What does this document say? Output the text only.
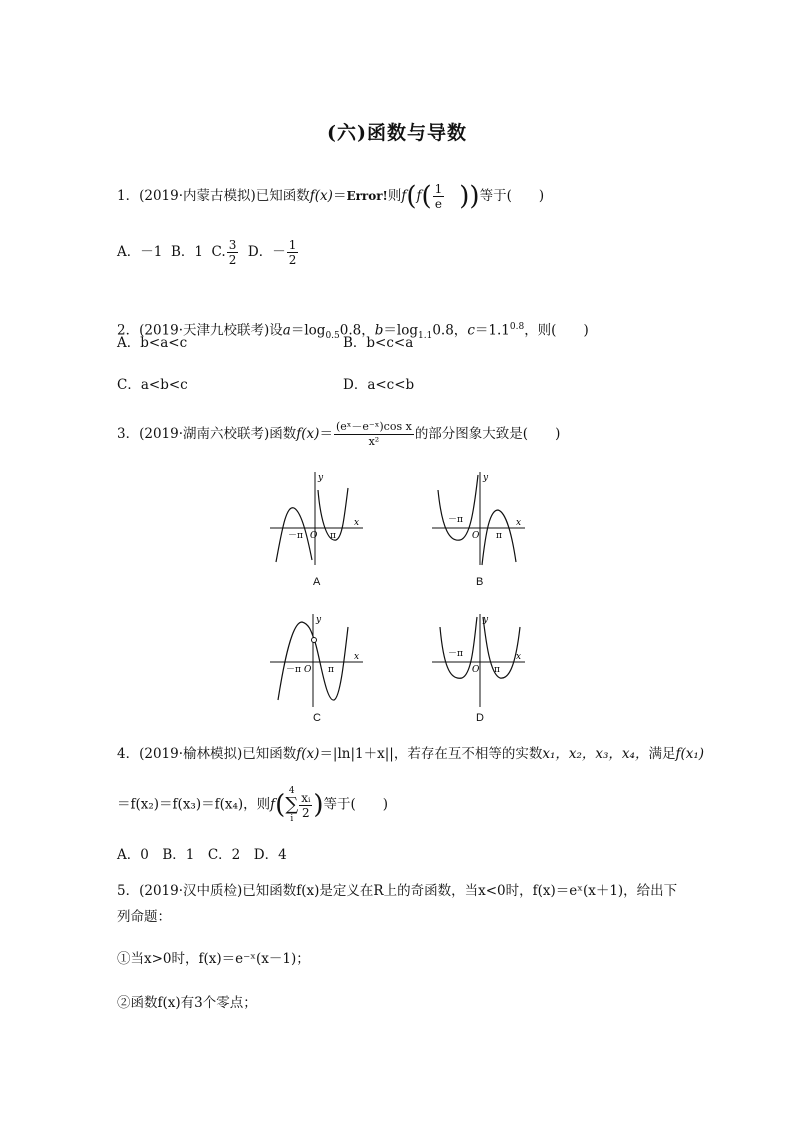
(六)函数与导数
1．(2019·内蒙古模拟)已知函数f(x)＝Error!则$f(f( \frac{1}{e}$ ))等于(　　)
A．－1 B．1 C. $\frac{3}{2}$ D．－ $\frac{1}{2}$
2．(2019·天津九校联考)设$a=\log_{0.5}0.8$，$b=\log_{1.1}0.8$，$c=1.1^{0.8}$，则(　　)
A．b<a<c	B．b<c<a
C．a<b<c	D．a<c<b
3．(2019·湖南六校联考)函数$f(x)= \frac{\text{(eˣ－e⁻ˣ)cos x}}{\text{x²}}$ 的部分图象大致是(　　)
－π	π
O
y
x
A
－π
π
O
y
x
B
－π	π
O
y
x
C
－π
π
O
y
x
D
4．(2019·榆林模拟)已知函数f(x)＝|ln|1＋x||，若存在互不相等的实数x₁，x₂，x₃，x₄，满足f(x₁)
＝f(x₂)＝f(x₃)＝f(x₄)，则f( 4
∑
i $\frac{\text{xᵢ}}{2}$ )等于(　　)
A．0　B．1　C．2　D．4
5．(2019·汉中质检)已知函数f(x)是定义在R上的奇函数，当x<0时，f(x)＝eˣ(x＋1)，给出下
列命题：
①当x>0时，f(x)＝e⁻ˣ(x－1)；
②函数f(x)有3个零点；
